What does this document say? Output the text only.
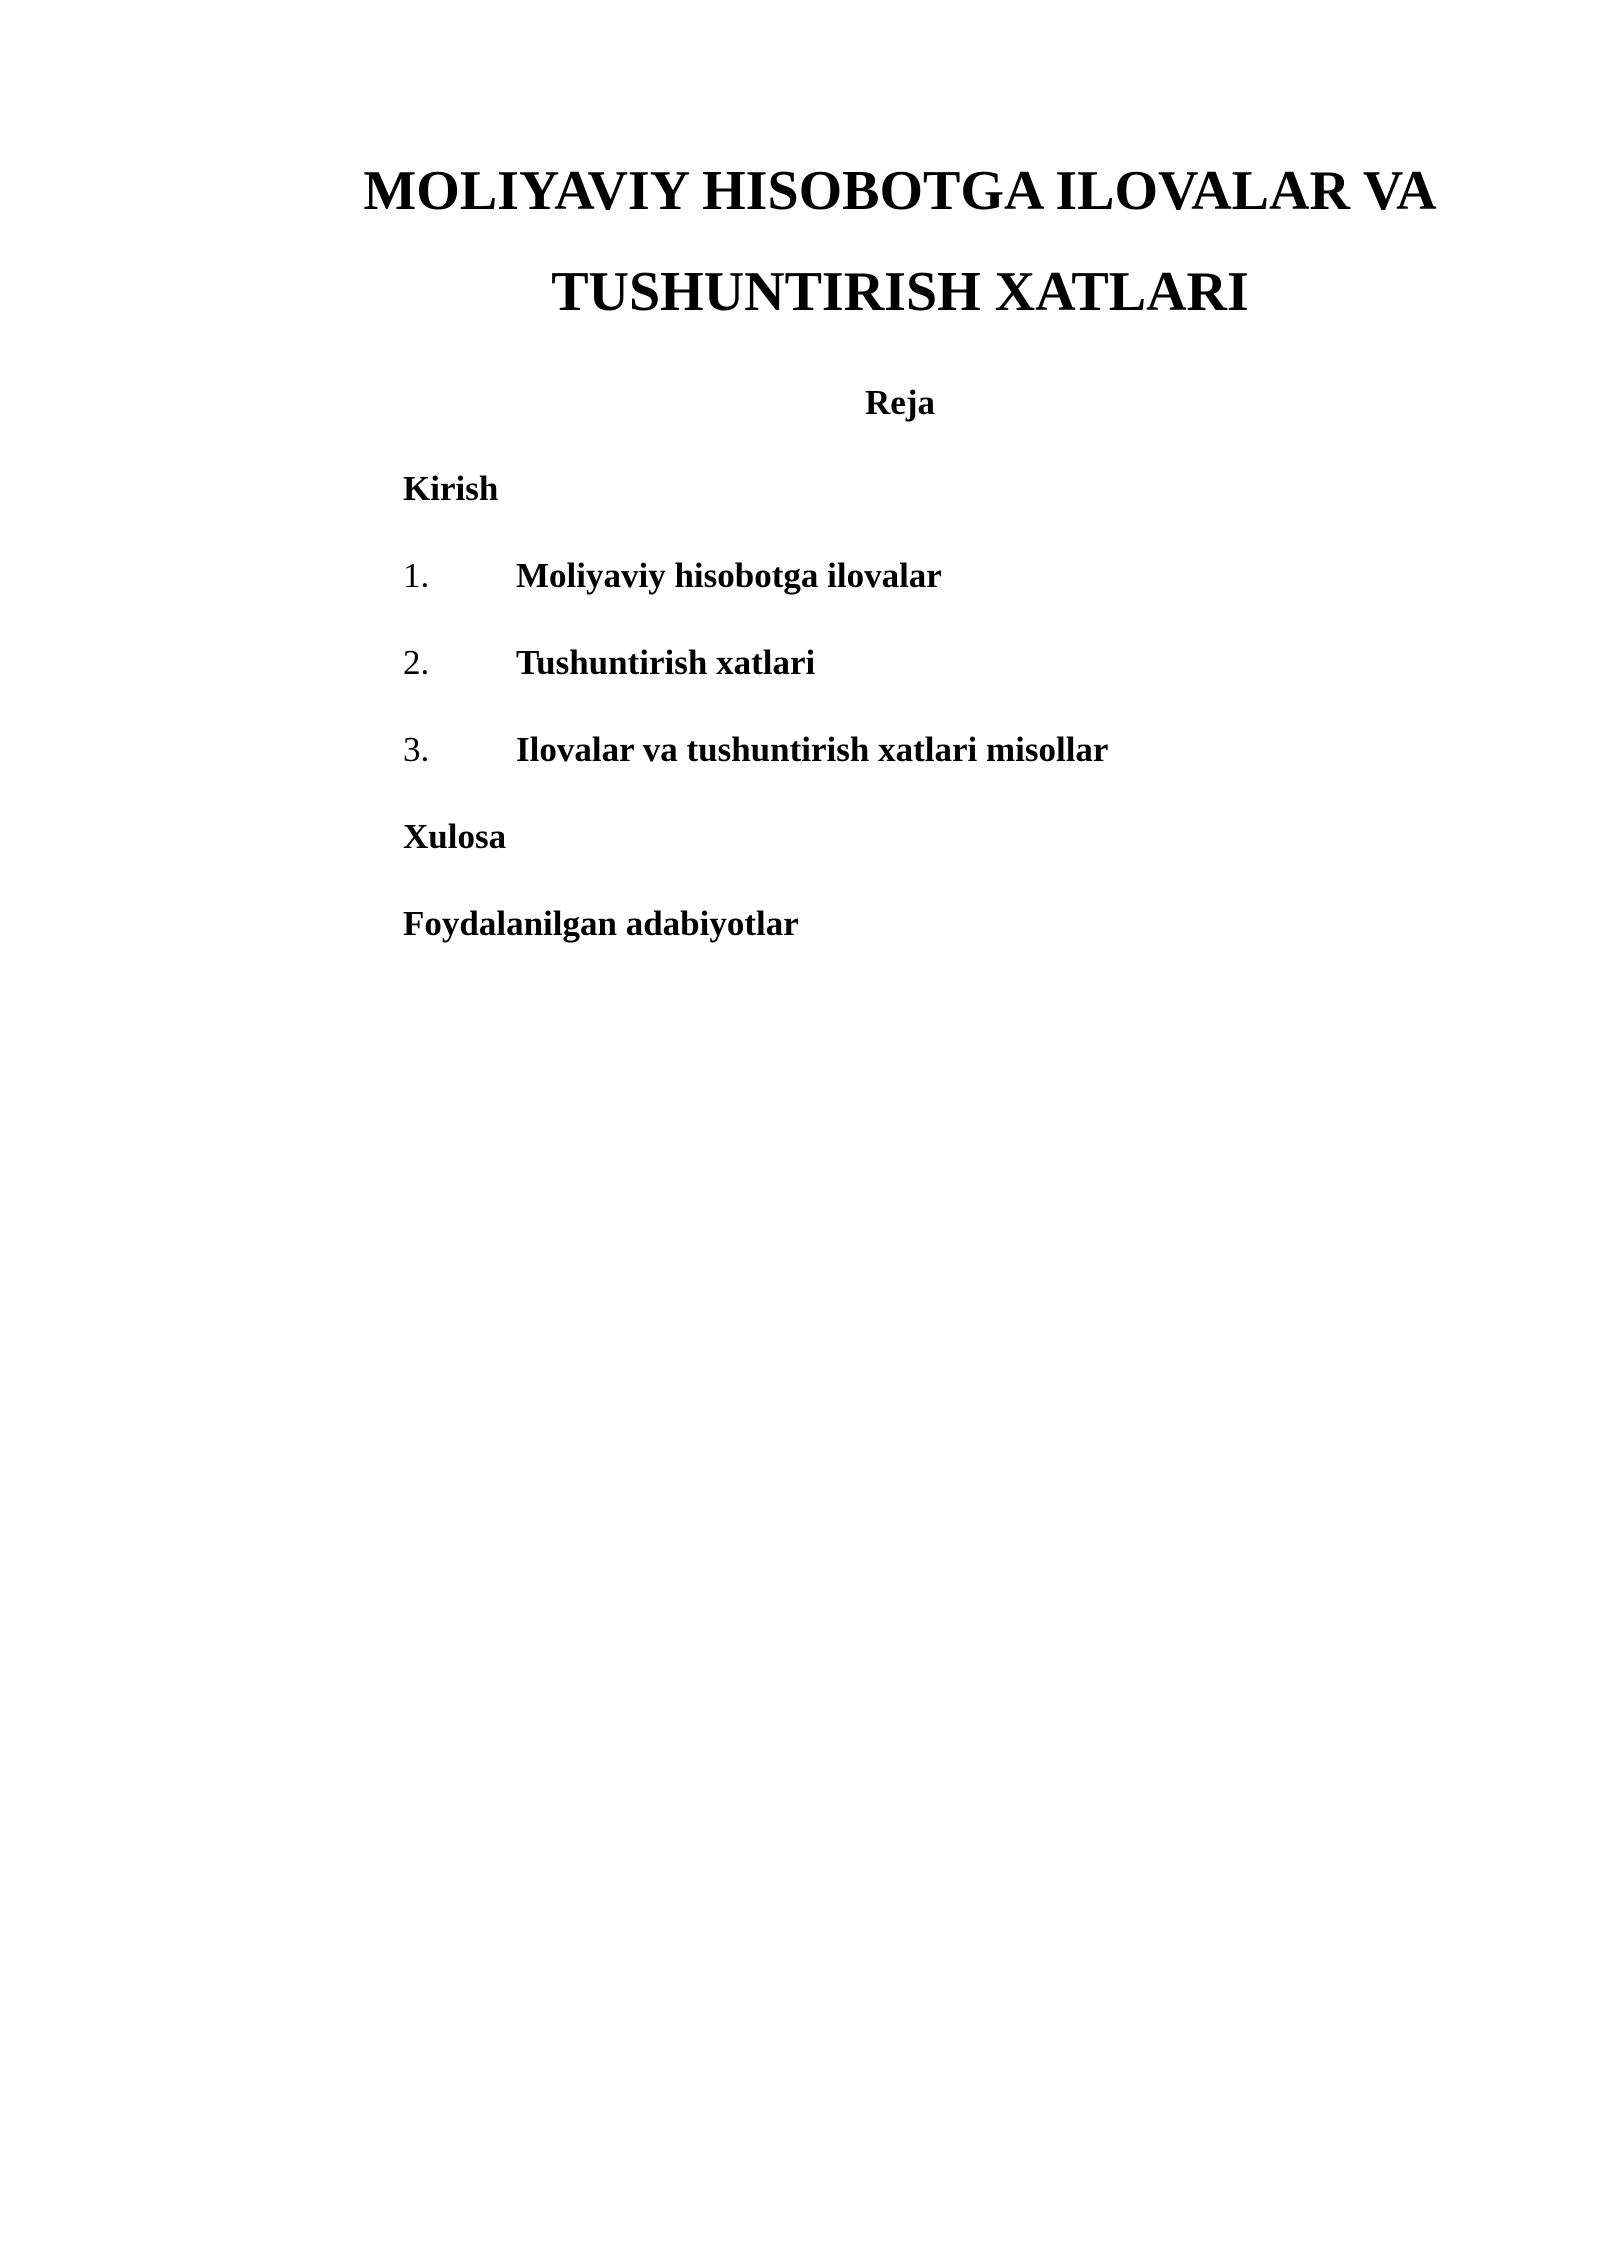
MOLIYAVIY HISOBOTGA ILOVALAR VA
TUSHUNTIRISH XATLARI
Reja

Kirish

1. Moliyaviy hisobotga ilovalar

2. Tushuntirish xatlari

3. Ilovalar va tushuntirish xatlari misollar

Xulosa

Foydalanilgan adabiyotlar
